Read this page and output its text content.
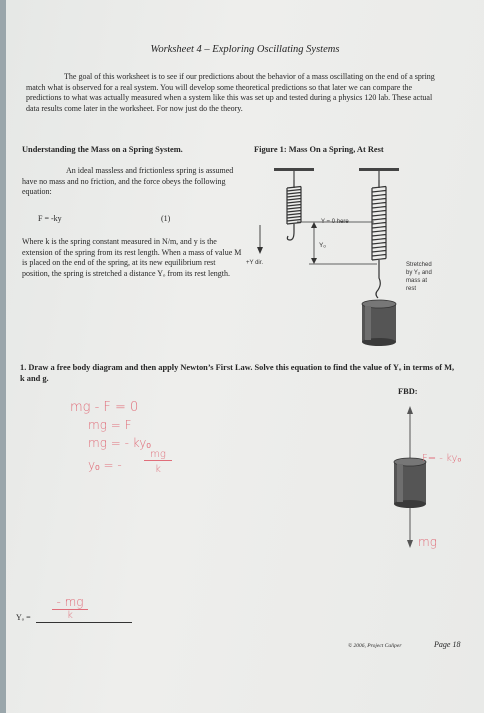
Worksheet 4 – Exploring Oscillating Systems
The goal of this worksheet is to see if our predictions about the behavior of a mass oscillating on the end of a spring match what is observed for a real system. You will develop some theoretical predictions so that later we can compare the predictions to what was actually measured when a system like this was set up and tested during a physics 120 lab. These actual data results come later in the worksheet. For now just do the theory.
Understanding the Mass on a Spring System.	Figure 1: Mass On a Spring, At Rest
An ideal massless and frictionless spring is assumed have no mass and no friction, and the force obeys the following equation:
F = -ky	(1)
Where k is the spring constant measured in N/m, and y is the extension of the spring from its rest length. When a mass of value M is placed on the end of the spring, at its new equilibrium rest position, the spring is stretched a distance Yₒ from its rest length.
Y = 0 here
Yₒ
+Y dir.	Stretched
by Yₒ and
mass at
rest
1. Draw a free body diagram and then apply Newton’s First Law. Solve this equation to find the value of Yₒ in terms of M, k and g.
FBD:
mg - F = 0
mg = F
mg = - kyₒ
yₒ = -
mg
k
F= - kyₒ
mg
Yₒ =
- mg
k
© 2006, Project Caliper	Page 18
